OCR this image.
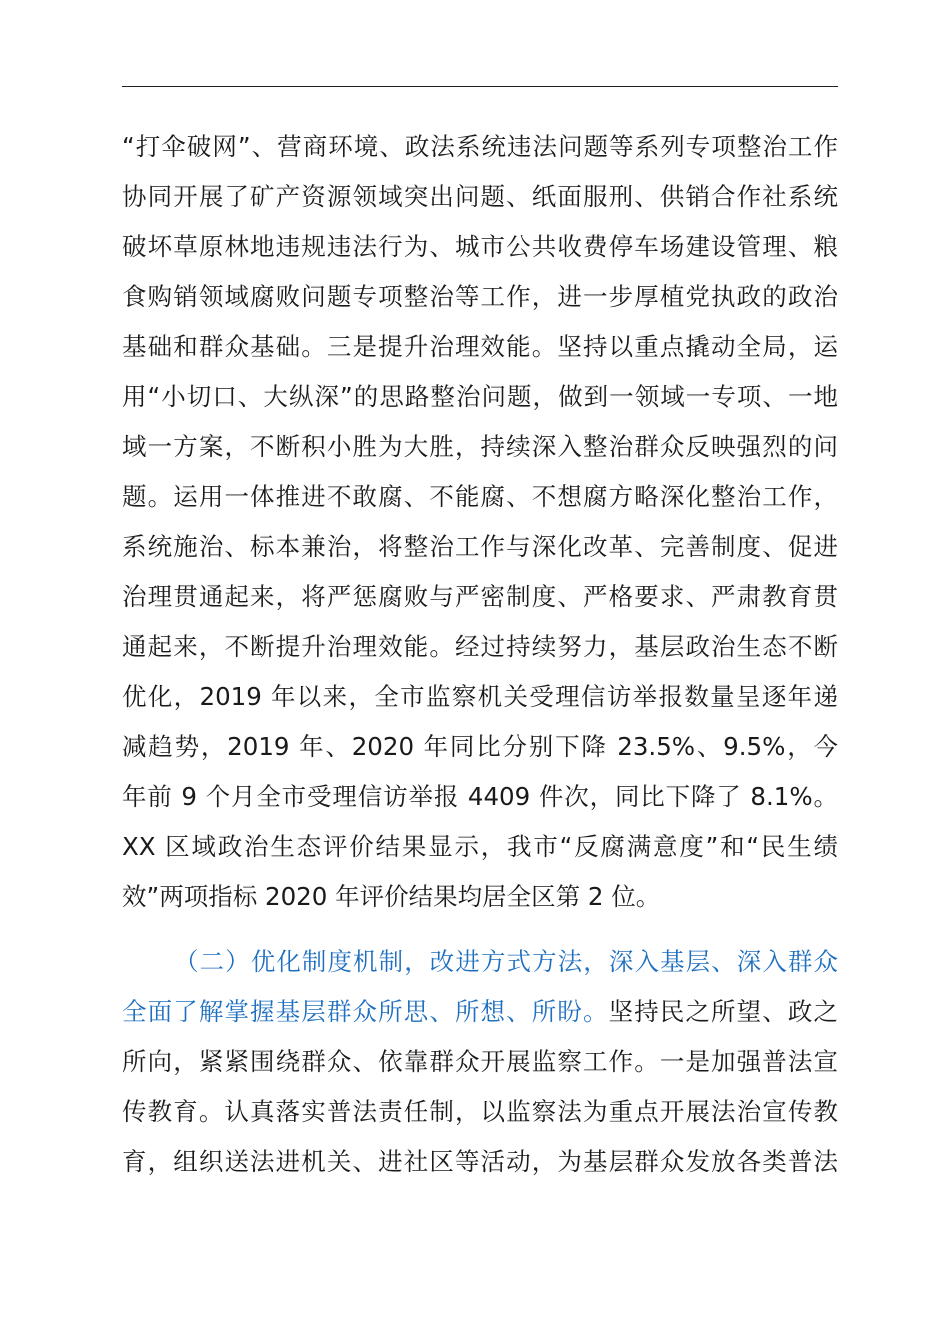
“打伞破网”、营商环境、政法系统违法问题等系列专项整治工作
协同开展了矿产资源领域突出问题、纸面服刑、供销合作社系统
破坏草原林地违规违法行为、城市公共收费停车场建设管理、粮
食购销领域腐败问题专项整治等工作，进一步厚植党执政的政治
基础和群众基础。三是提升治理效能。坚持以重点撬动全局，运
用“小切口、大纵深”的思路整治问题，做到一领域一专项、一地
域一方案，不断积小胜为大胜，持续深入整治群众反映强烈的问
题。运用一体推进不敢腐、不能腐、不想腐方略深化整治工作，
系统施治、标本兼治，将整治工作与深化改革、完善制度、促进
治理贯通起来，将严惩腐败与严密制度、严格要求、严肃教育贯
通起来，不断提升治理效能。经过持续努力，基层政治生态不断
优化，2019 年以来，全市监察机关受理信访举报数量呈逐年递
减趋势，2019 年、2020 年同比分别下降 23.5%、9.5%，今
年前 9 个月全市受理信访举报 4409 件次，同比下降了 8.1%。
XX 区域政治生态评价结果显示，我市“反腐满意度”和“民生绩
效”两项指标 2020 年评价结果均居全区第 2 位。
（二）优化制度机制，改进方式方法，深入基层、深入群众
全面了解掌握基层群众所思、所想、所盼。坚持民之所望、政之
所向，紧紧围绕群众、依靠群众开展监察工作。一是加强普法宣
传教育。认真落实普法责任制，以监察法为重点开展法治宣传教
育，组织送法进机关、进社区等活动，为基层群众发放各类普法
